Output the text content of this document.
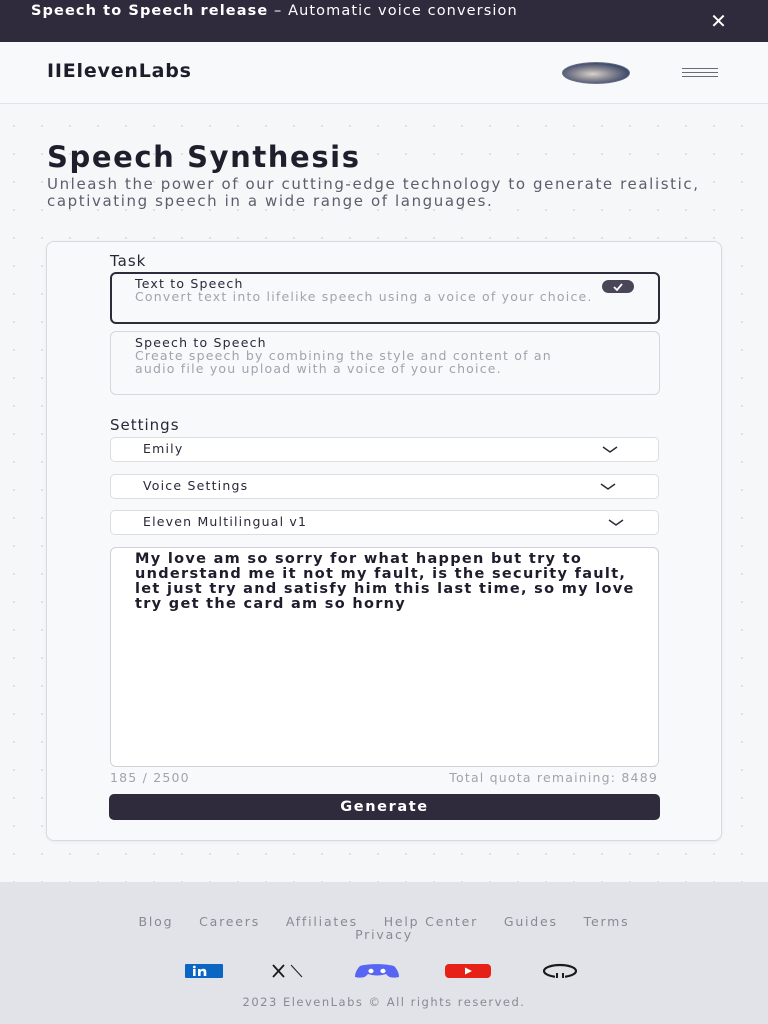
Speech to Speech release – Automatic voice conversion	✕
IIElevenLabs
Speech Synthesis

Unleash the power of our cutting-edge technology to generate realistic, captivating speech in a wide range of languages.

Task
Text to Speech
Convert text into lifelike speech using a voice of your choice.
Speech to Speech
Create speech by combining the style and content of an audio file you upload with a voice of your choice.
Settings
Emily
Voice Settings
Eleven Multilingual v1
My love am so sorry for what happen but try to understand me it not my fault, is the security fault, let just try and satisfy him this last time, so my love try get the card am so horny
185 / 2500	Total quota remaining: 8489
Generate
Blog Careers Affiliates Help Center Guides Terms
Privacy
2023 ElevenLabs © All rights reserved.
